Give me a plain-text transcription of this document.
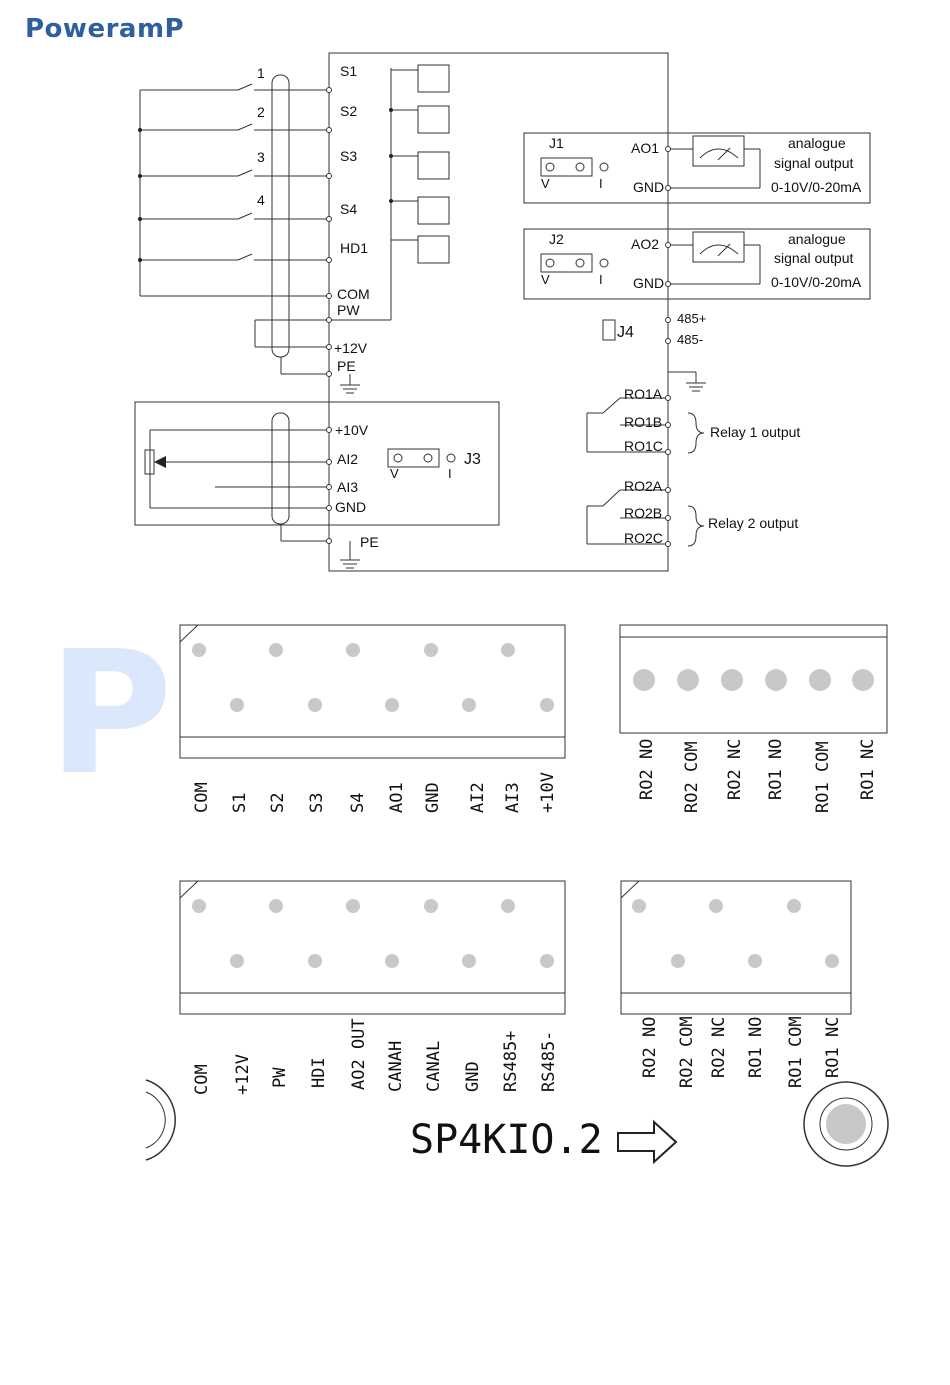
PoweramP
P
1
2
3
4
S1
S2
S3
S4
HD1
COM
PW
+12V
PE
+10V
AI2
AI3
GND
PE
J1
V	I
AO1
GND
analogue
signal output
0-10V/0-20mA
J2
V	I
AO2
GND
analogue
signal output
0-10V/0-20mA
J4
485+
485-
J3
V	I
RO1A
RO1B
RO1C
Relay 1 output
RO2A
RO2B
RO2C
Relay 2 output
COM S1 S2 S3 S4 AO1 GND AI2 AI3 +10V	RO2 NO RO2 COM RO2 NC RO1 NO RO1 COM RO1 NC
COM +12V PW HDI AO2 OUT CANAH CANAL GND RS485+ RS485-	RO2 NO RO2 COM RO2 NC RO1 NO RO1 COM RO1 NC
SP4KIO.2
